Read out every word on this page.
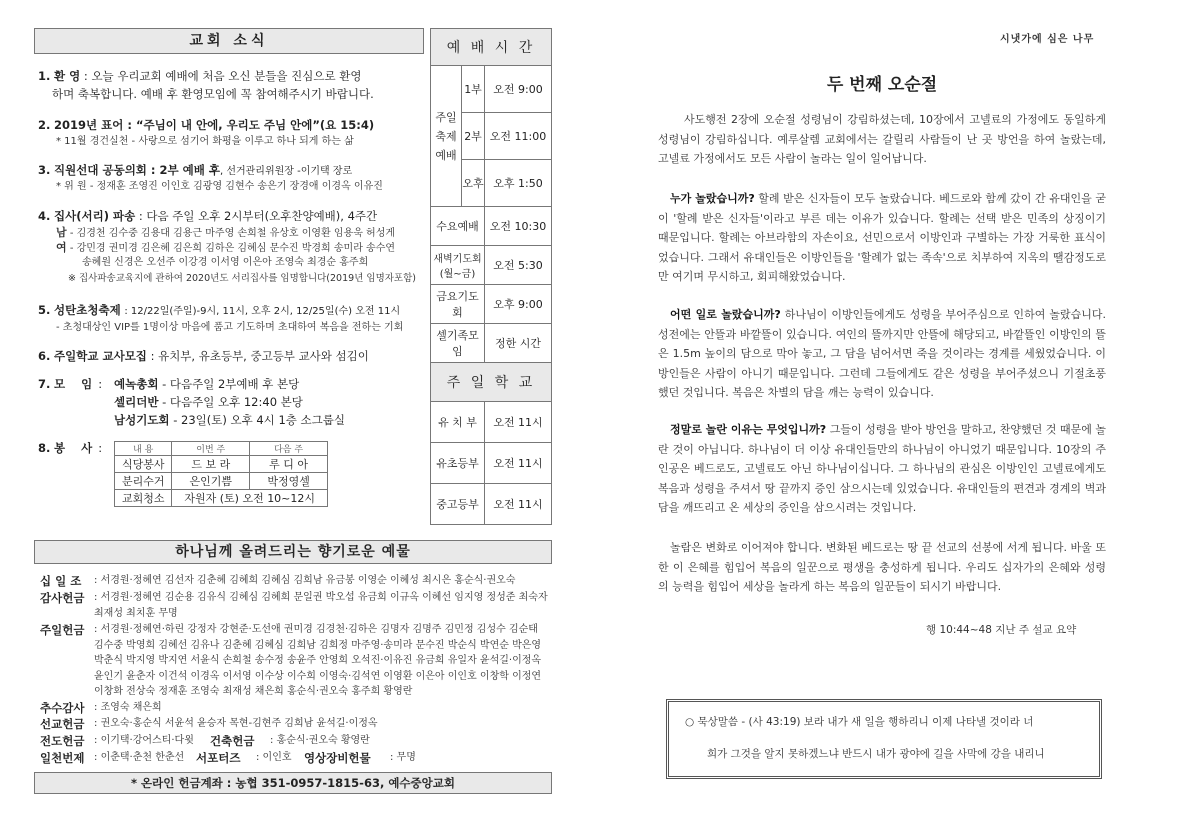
교회 소식
1. 환 영 : 오늘 우리교회 예배에 처음 오신 분들을 진심으로 환영
하며 축복합니다. 예배 후 환영모임에 꼭 참여해주시기 바랍니다.
2. 2019년 표어 : “주님이 내 안에, 우리도 주님 안에”(요 15:4)
* 11월 경건실천 - 사랑으로 섬기어 화평을 이루고 하나 되게 하는 삶
3. 직원선대 공동의회 : 2부 예배 후, 선거관리위원장 -이기택 장로
* 위 원 - 정재훈 조영진 이인호 김광영 김현수 송은기 장경애 이경옥 이유진
4. 집사(서리) 파송 : 다음 주일 오후 2시부터(오후찬양예배), 4주간
남 - 김경천 김수중 김용대 김용근 마주영 손희철 유상호 이영환 임용욱 허성게
여 - 강민경 권미경 김은혜 김은희 김하은 김혜심 문수진 박경희 송미라 송수연
송혜원 신경은 오선주 이강경 이서영 이은아 조영숙 최경순 홍주희
※ 집사파송교육지에 관하여 2020년도 서리집사를 임명합니다(2019년 임명자포함)
5. 성탄초청축제 : 12/22일(주일)-9시, 11시, 오후 2시, 12/25일(수) 오전 11시
- 초청대상인 VIP를 1명이상 마음에 품고 기도하며 초대하여 복음을 전하는 기회
6. 주일학교 교사모집 : 유치부, 유초등부, 중고등부 교사와 섬김이
7. 모 임: 예녹총회 - 다음주일 2부예배 후 본당
셀리더반 - 다음주일 오후 12:40 본당
남성기도회 - 23일(토) 오후 4시 1층 소그룹실
8. 봉 사:	내 용	이번 주	다음 주
식당봉사	드 보 라	루 디 아
분리수거	은인기쁨	박정영셀
교회청소	자원자 (토) 오전 10~12시	
예 배 시 간		
주일 축제 예배	1부	오전 9:00
	2부	오전 11:00
	오후	오후 1:50
수요예배		오전 10:30
새벽기도회 (월~금)		오전 5:30
금요기도회		오후 9:00
셀기족모임		정한 시간
주 일 학 교		
유 치 부		오전 11시
유초등부		오전 11시
중고등부		오전 11시
하나님께 올려드리는 향기로운 예물
십 일 조 : 서경원·정혜연 김선자 김춘혜 김혜희 김혜심 김희남 유금봉 이영순 이혜성 최시은 홍순식·권오숙
감사헌금 : 서경원·정혜연 김순용 김유식 김혜심 김혜희 문일권 박오섭 유금희 이규옥 이혜선 임지영 정성준 최숙자
최재성 최치훈 무명
주일헌금 : 서경원·정혜연·하린 강정자 강현준·도선애 권미경 김경천·김하은 김명자 김명주 김민정 김성수 김순태
김수중 박영희 김혜선 김유나 김춘혜 김혜심 김희남 김희정 마주영·송미라 문수진 박순식 박연순 박은영
박춘식 박지영 박지연 서윤식 손희철 송수정 송윤주 안영희 오석진·이유진 유금희 유일자 윤석길·이정옥
윤인기 윤춘자 이건석 이경옥 이서영 이수상 이수희 이영숙·김석연 이영환 이은아 이인호 이창학 이정연
이창화 전상숙 정재훈 조영숙 최재성 채은희 홍순식·권오숙 홍주희 황영란
추수감사 : 조영숙 채은희
선교헌금 : 권오숙·홍순식 서윤석 윤승자 목현-김현주 김희남 윤석길·이정옥
전도헌금 : 이기택·강어스티·다윗 건축헌금 : 홍순식·권오숙 황영란
일천번제 : 이춘택·춘천 한춘선 서포터즈 : 이인호 영상장비헌물 : 무명
* 온라인 헌금계좌 : 농협 351-0957-1815-63, 예수중앙교회
시냇가에 심은 나무
두 번째 오순절
사도행전 2장에 오순절 성령님이 강림하셨는데, 10장에서 고넬료의 가정에도 동일하게 성령님이 강림하십니다. 예루살렘 교회에서는 갈릴리 사람들이 난 곳 방언을 하여 놀랐는데, 고넬료 가정에서도 모든 사람이 놀라는 일이 일어납니다.
누가 놀랐습니까? 할례 받은 신자들이 모두 놀랐습니다. 베드로와 함께 갔이 간 유대인을 굳이 '할례 받은 신자들'이라고 부른 데는 이유가 있습니다. 할례는 선택 받은 민족의 상징이기 때문입니다. 할례는 아브라함의 자손이요, 선민으로서 이방인과 구별하는 가장 거룩한 표식이었습니다. 그래서 유대인들은 이방인들을 '할례가 없는 족속'으로 치부하여 지옥의 땔감정도로만 여기며 무시하고, 회피해왔었습니다.
어떤 일로 놀랐습니까? 하나님이 이방인들에게도 성령을 부어주심으로 인하여 놀랐습니다. 성전에는 안뜰과 바깥뜰이 있습니다. 여인의 뜰까지만 안뜰에 해당되고, 바깥뜰인 이방인의 뜰은 1.5m 높이의 담으로 막아 놓고, 그 담을 넘어서면 죽을 것이라는 경계를 세웠었습니다. 이방인들은 사람이 아니기 때문입니다. 그런데 그들에게도 같은 성령을 부어주셨으니 기절초풍했던 것입니다. 복음은 차별의 담을 깨는 능력이 있습니다.
정말로 놀란 이유는 무엇입니까? 그들이 성령을 받아 방언을 말하고, 찬양했던 것 때문에 놀란 것이 아닙니다. 하나님이 더 이상 유대인들만의 하나님이 아니었기 때문입니다. 10장의 주인공은 베드로도, 고넬료도 아닌 하나님이십니다. 그 하나님의 관심은 이방인인 고넬료에게도 복음과 성령을 주셔서 땅 끝까지 증인 삼으시는데 있었습니다. 유대인들의 편견과 경계의 벽과 담을 깨뜨리고 온 세상의 증인을 삼으시려는 것입니다.
놀람은 변화로 이어져야 합니다. 변화된 베드로는 땅 끝 선교의 선봉에 서게 됩니다. 바울 또한 이 은혜를 힘입어 복음의 일꾼으로 평생을 충성하게 됩니다. 우리도 십자가의 은혜와 성령의 능력을 힘입어 세상을 놀라게 하는 복음의 일꾼들이 되시기 바랍니다.
행 10:44~48 지난 주 설교 요약
○ 묵상말씀 - (사 43:19) 보라 내가 새 일을 행하리니 이제 나타낼 것이라 너
희가 그것을 알지 못하겠느냐 반드시 내가 광야에 길을 사막에 강을 내리니
